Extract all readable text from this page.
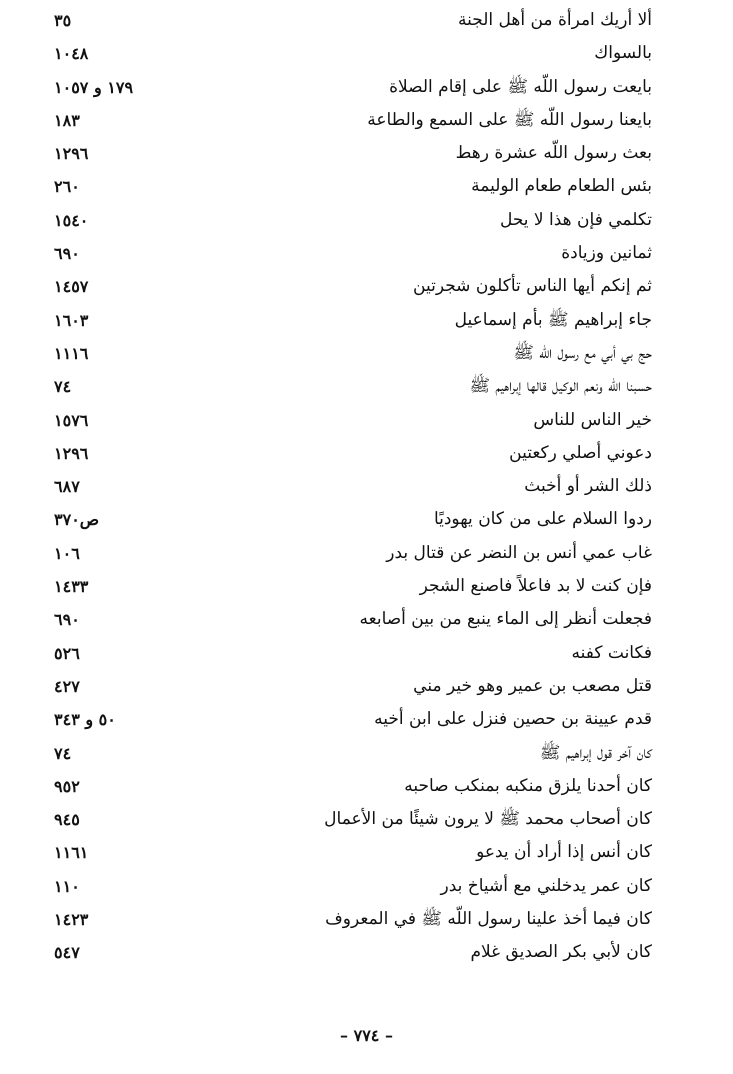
ألا أريك امرأة من أهل الجنة
٣٥
بالسواك
١٠٤٨
بايعت رسول اللّه ﷺ على إقام الصلاة
١٧٩ و ١٠٥٧
بايعنا رسول اللّه ﷺ على السمع والطاعة
١٨٣
بعث رسول اللّه عشرة رهط
١٢٩٦
بئس الطعام طعام الوليمة
٢٦٠
تكلمي فإن هذا لا يحل
١٥٤٠
ثمانين وزيادة
٦٩٠
ثم إنكم أيها الناس تأكلون شجرتين
١٤٥٧
جاء إبراهيم ﷺ بأم إسماعيل
١٦٠٣
حج بي أبي مع رسول اللّه ﷺ
١١١٦
حسبنا اللّه ونعم الوكيل قالها إبراهيم ﷺ
٧٤
خير الناس للناس
١٥٧٦
دعوني أصلي ركعتين
١٢٩٦
ذلك الشر أو أخبث
٦٨٧
ردوا السلام على من كان يهوديًا
ص٣٧٠
غاب عمي أنس بن النضر عن قتال بدر
١٠٦
فإن كنت لا بد فاعلاً فاصنع الشجر
١٤٣٣
فجعلت أنظر إلى الماء ينبع من بين أصابعه
٦٩٠
فكانت كفنه
٥٢٦
قتل مصعب بن عمير وهو خير مني
٤٢٧
قدم عيينة بن حصين فنزل على ابن أخيه
٥٠ و ٣٤٣
كان آخر قول إبراهيم ﷺ
٧٤
كان أحدنا يلزق منكبه بمنكب صاحبه
٩٥٢
كان أصحاب محمد ﷺ لا يرون شيئًا من الأعمال
٩٤٥
كان أنس إذا أراد أن يدعو
١١٦١
كان عمر يدخلني مع أشياخ بدر
١١٠
كان فيما أخذ علينا رسول اللّه ﷺ في المعروف
١٤٢٣
كان لأبي بكر الصديق غلام
٥٤٧
– ٧٧٤ –
